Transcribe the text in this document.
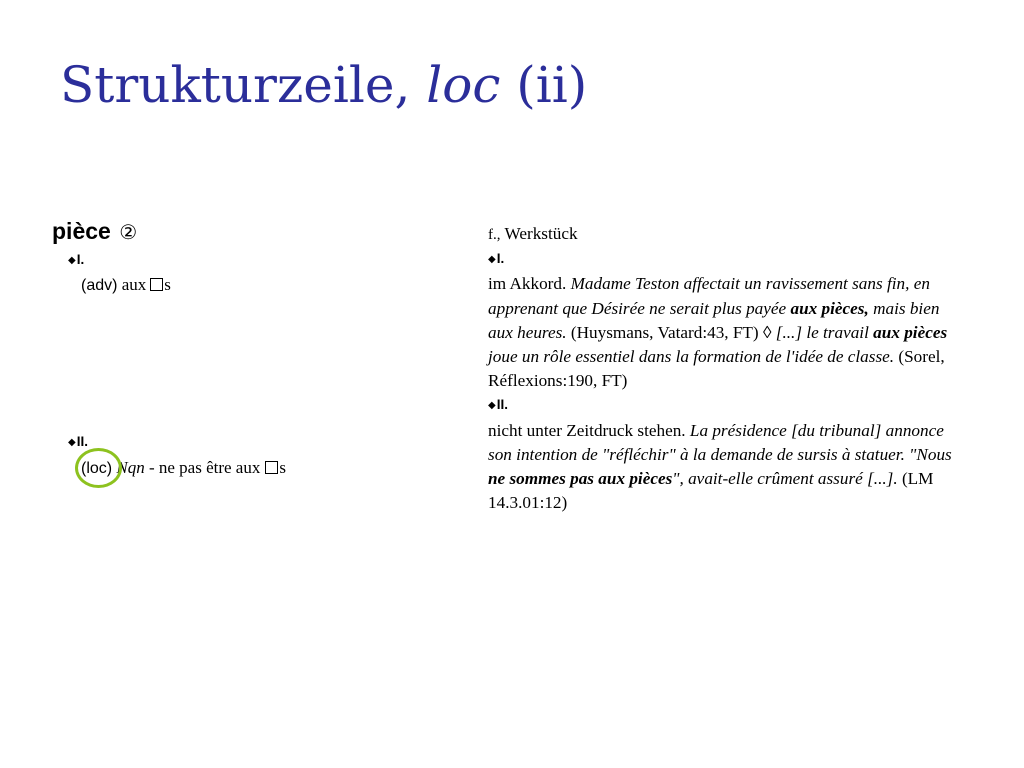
Strukturzeile, loc (ii)
pièce ②
◆I.
(adv) aux s
◆II.
(loc) Nqn - ne pas être aux s

f., Werkstück

◆I.

im Akkord. Madame Teston affectait un ravissement sans fin, en apprenant que Désirée ne serait plus payée aux pièces, mais bien aux heures. (Huysmans, Vatard:43, FT) ◊ [...] le travail aux pièces joue un rôle essentiel dans la formation de l'idée de classe. (Sorel, Réflexions:190, FT)

◆II.

nicht unter Zeitdruck stehen. La présidence [du tribunal] annonce son intention de "réfléchir" à la demande de sursis à statuer. "Nous ne sommes pas aux pièces", avait-elle crûment assuré [...]. (LM 14.3.01:12)
